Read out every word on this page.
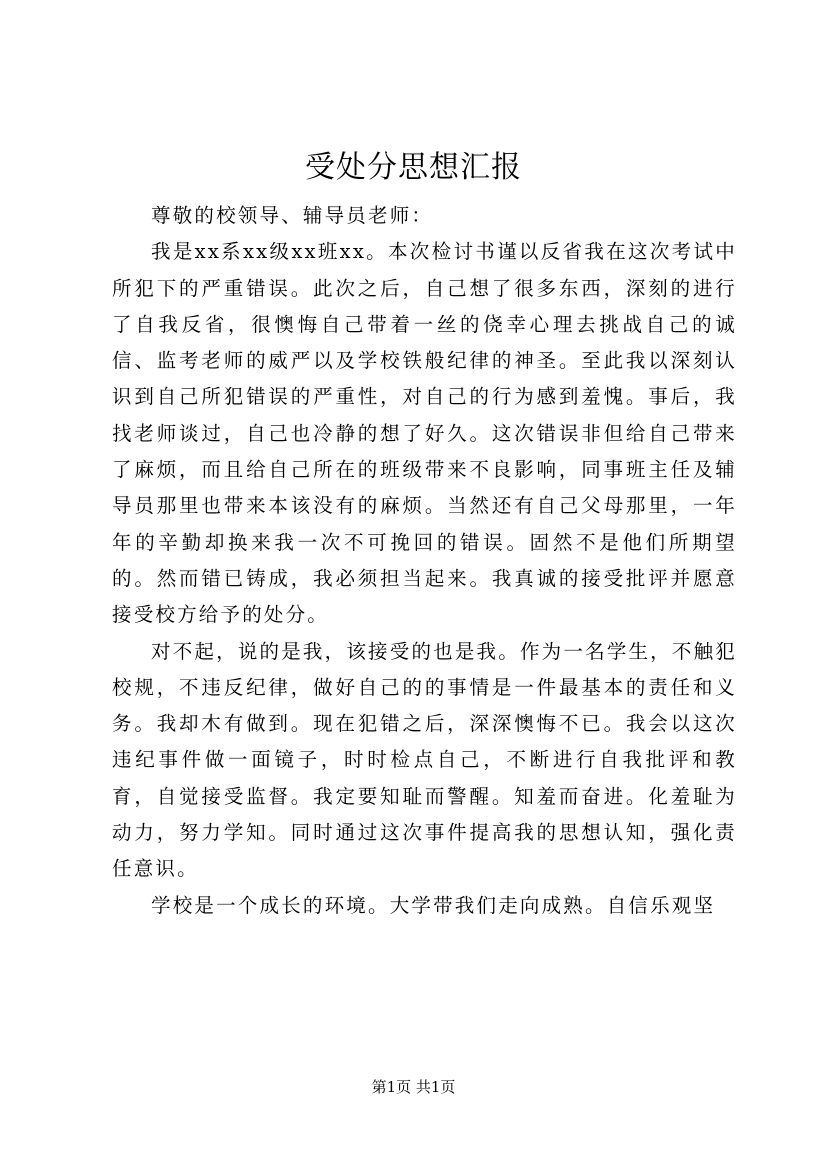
受处分思想汇报

尊敬的校领导、辅导员老师：

我是xx系xx级xx班xx。本次检讨书谨以反省我在这次考试中所犯下的严重错误。此次之后，自己想了很多东西，深刻的进行了自我反省，很懊悔自己带着一丝的侥幸心理去挑战自己的诚信、监考老师的威严以及学校铁般纪律的神圣。至此我以深刻认识到自己所犯错误的严重性，对自己的行为感到羞愧。事后，我找老师谈过，自己也冷静的想了好久。这次错误非但给自己带来了麻烦，而且给自己所在的班级带来不良影响，同事班主任及辅导员那里也带来本该没有的麻烦。当然还有自己父母那里，一年年的辛勤却换来我一次不可挽回的错误。固然不是他们所期望的。然而错已铸成，我必须担当起来。我真诚的接受批评并愿意接受校方给予的处分。

对不起，说的是我，该接受的也是我。作为一名学生，不触犯校规，不违反纪律，做好自己的的事情是一件最基本的责任和义务。我却木有做到。现在犯错之后，深深懊悔不已。我会以这次违纪事件做一面镜子，时时检点自己，不断进行自我批评和教育，自觉接受监督。我定要知耻而警醒。知羞而奋进。化羞耻为动力，努力学知。同时通过这次事件提高我的思想认知，强化责任意识。

学校是一个成长的环境。大学带我们走向成熟。自信乐观坚

第1页 共1页
